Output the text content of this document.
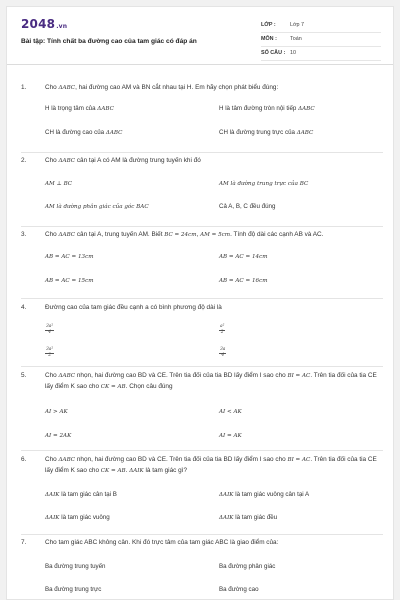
2048.vn
Bài tập: Tính chất ba đường cao của tam giác có đáp án
LỚP :	Lớp 7
MÔN : Toán
SỐ CÂU : 10
1.	Cho ΔABC, hai đường cao AM và BN cắt nhau tại H. Em hãy chọn phát biểu đúng:
H là trọng tâm của ΔABC	H là tâm đường tròn nội tiếp ΔABC
CH là đường cao của ΔABC	CH là đường trung trực của ΔABC
2.	Cho ΔABC cân tại A có AM là đường trung tuyến khi đó
AM ⊥ BC	AM là đường trung trực của BC
AM là đường phân giác của góc BAC	Cả A, B, C đều đúng
3.	Cho ΔABC cân tại A, trung tuyến AM. Biết BC = 24cm, AM = 5cm. Tính độ dài các cạnh AB và AC.
AB = AC = 13cm	AB = AC = 14cm
AB = AC = 15cm	AB = AC = 16cm
4.	Đường cao của tam giác đều cạnh a có bình phương độ dài là
$\frac{\text{3a²}}{4}$	$\frac{\text{a²}}{2}$
$\frac{\text{3a²}}{2}$	$\frac{3a}{4}$
5.	Cho ΔABC nhọn, hai đường cao BD và CE. Trên tia đối của tia BD lấy điểm I sao cho BI = AC. Trên tia đối của tia CE lấy điểm K sao cho CK = AB. Chọn câu đúng
AI > AK	AI < AK
AI = 2AK	AI = AK
6.	Cho ΔABC nhọn, hai đường cao BD và CE. Trên tia đối của tia BD lấy điểm I sao cho BI = AC. Trên tia đối của tia CE lấy điểm K sao cho CK = AB. ΔAIK là tam giác gì?
ΔAIK là tam giác cân tại B	ΔAIK là tam giác vuông cân tại A
ΔAIK là tam giác vuông	ΔAIK là tam giác đều
7.	Cho tam giác ABC không cân. Khi đó trực tâm của tam giác ABC là giao điểm của:
Ba đường trung tuyến	Ba đường phân giác
Ba đường trung trực	Ba đường cao
